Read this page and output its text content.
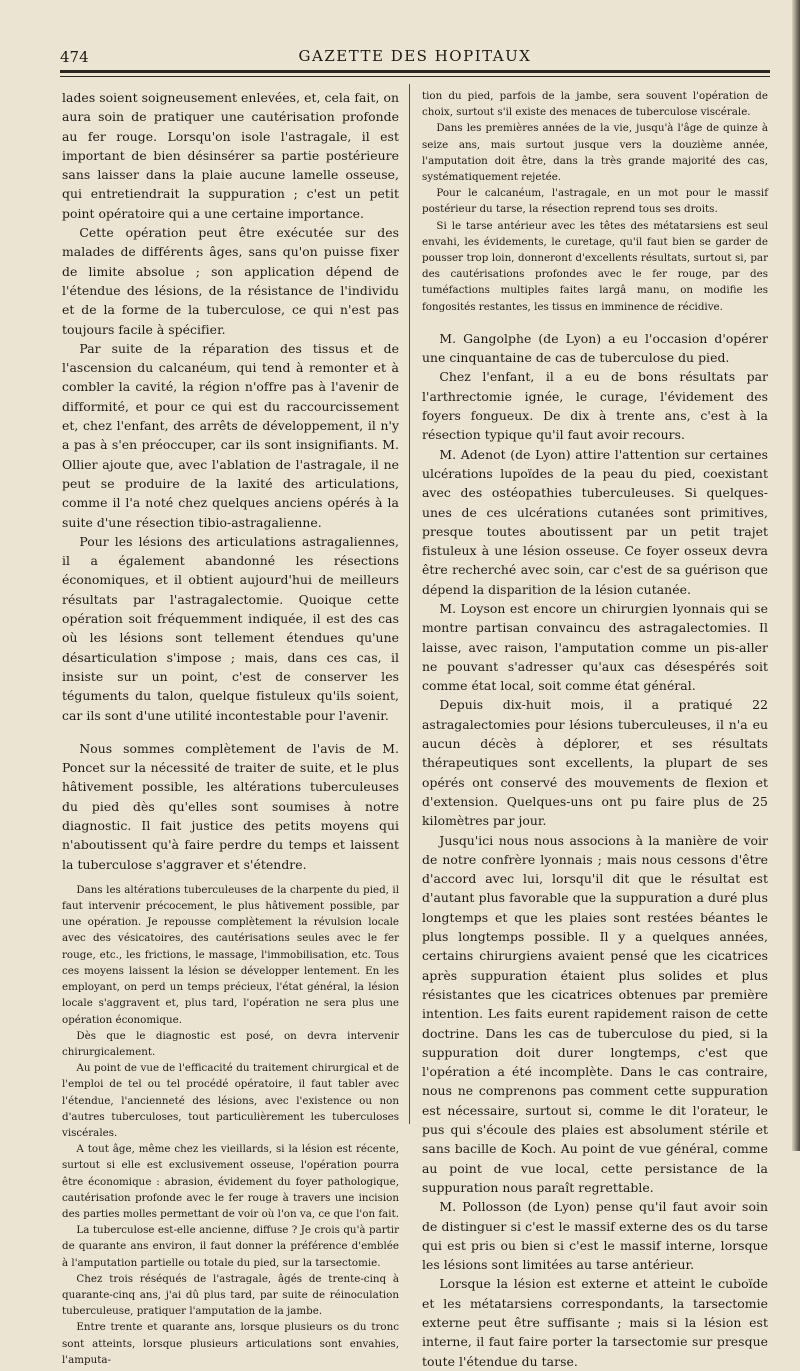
474	GAZETTE DES HOPITAUX

lades soient soigneusement enlevées, et, cela fait, on aura soin de pratiquer une cautérisation profonde au fer rouge. Lorsqu'on isole l'astragale, il est important de bien désinsérer sa partie postérieure sans laisser dans la plaie aucune lamelle osseuse, qui entretiendrait la suppuration ; c'est un petit point opératoire qui a une certaine importance.

Cette opération peut être exécutée sur des malades de différents âges, sans qu'on puisse fixer de limite absolue ; son application dépend de l'étendue des lésions, de la résistance de l'individu et de la forme de la tuberculose, ce qui n'est pas toujours facile à spécifier.

Par suite de la réparation des tissus et de l'ascension du calcanéum, qui tend à remonter et à combler la cavité, la région n'offre pas à l'avenir de difformité, et pour ce qui est du raccourcissement et, chez l'enfant, des arrêts de développement, il n'y a pas à s'en préoccuper, car ils sont insignifiants. M. Ollier ajoute que, avec l'ablation de l'astragale, il ne peut se produire de la laxité des articulations, comme il l'a noté chez quelques anciens opérés à la suite d'une résection tibio-astragalienne.

Pour les lésions des articulations astragaliennes, il a également abandonné les résections économiques, et il obtient aujourd'hui de meilleurs résultats par l'astragalectomie. Quoique cette opération soit fréquemment indiquée, il est des cas où les lésions sont tellement étendues qu'une désarticulation s'impose ; mais, dans ces cas, il insiste sur un point, c'est de conserver les téguments du talon, quelque fistuleux qu'ils soient, car ils sont d'une utilité incontestable pour l'avenir.

Nous sommes complètement de l'avis de M. Poncet sur la nécessité de traiter de suite, et le plus hâtivement possible, les altérations tuberculeuses du pied dès qu'elles sont soumises à notre diagnostic. Il fait justice des petits moyens qui n'aboutissent qu'à faire perdre du temps et laissent la tuberculose s'aggraver et s'étendre.

Dans les altérations tuberculeuses de la charpente du pied, il faut intervenir précocement, le plus hâtivement possible, par une opération. Je repousse complètement la révulsion locale avec des vésicatoires, des cautérisations seules avec le fer rouge, etc., les frictions, le massage, l'immobilisation, etc. Tous ces moyens laissent la lésion se développer lentement. En les employant, on perd un temps précieux, l'état général, la lésion locale s'aggravent et, plus tard, l'opération ne sera plus une opération économique.

Dès que le diagnostic est posé, on devra intervenir chirurgicalement.

Au point de vue de l'efficacité du traitement chirurgical et de l'emploi de tel ou tel procédé opératoire, il faut tabler avec l'étendue, l'ancienneté des lésions, avec l'existence ou non d'autres tuberculoses, tout particulièrement les tuberculoses viscérales.

A tout âge, même chez les vieillards, si la lésion est récente, surtout si elle est exclusivement osseuse, l'opération pourra être économique : abrasion, évidement du foyer pathologique, cautérisation profonde avec le fer rouge à travers une incision des parties molles permettant de voir où l'on va, ce que l'on fait.

La tuberculose est-elle ancienne, diffuse ? Je crois qu'à partir de quarante ans environ, il faut donner la préférence d'emblée à l'amputation partielle ou totale du pied, sur la tarsectomie.

Chez trois réséqués de l'astragale, âgés de trente-cinq à quarante-cinq ans, j'ai dû plus tard, par suite de réinoculation tuberculeuse, pratiquer l'amputation de la jambe.

Entre trente et quarante ans, lorsque plusieurs os du tronc sont atteints, lorsque plusieurs articulations sont envahies, l'amputa-

tion du pied, parfois de la jambe, sera souvent l'opération de choix, surtout s'il existe des menaces de tuberculose viscérale.

Dans les premières années de la vie, jusqu'à l'âge de quinze à seize ans, mais surtout jusque vers la douzième année, l'amputation doit être, dans la très grande majorité des cas, systématiquement rejetée.

Pour le calcanéum, l'astragale, en un mot pour le massif postérieur du tarse, la résection reprend tous ses droits.

Si le tarse antérieur avec les têtes des métatarsiens est seul envahi, les évidements, le curetage, qu'il faut bien se garder de pousser trop loin, donneront d'excellents résultats, surtout si, par des cautérisations profondes avec le fer rouge, par des tuméfactions multiples faites largâ manu, on modifie les fongosités restantes, les tissus en imminence de récidive.

M. Gangolphe (de Lyon) a eu l'occasion d'opérer une cinquantaine de cas de tuberculose du pied.

Chez l'enfant, il a eu de bons résultats par l'arthrectomie ignée, le curage, l'évidement des foyers fongueux. De dix à trente ans, c'est à la résection typique qu'il faut avoir recours.

M. Adenot (de Lyon) attire l'attention sur certaines ulcérations lupoïdes de la peau du pied, coexistant avec des ostéopathies tuberculeuses. Si quelques-unes de ces ulcérations cutanées sont primitives, presque toutes aboutissent par un petit trajet fistuleux à une lésion osseuse. Ce foyer osseux devra être recherché avec soin, car c'est de sa guérison que dépend la disparition de la lésion cutanée.

M. Loyson est encore un chirurgien lyonnais qui se montre partisan convaincu des astragalectomies. Il laisse, avec raison, l'amputation comme un pis-aller ne pouvant s'adresser qu'aux cas désespérés soit comme état local, soit comme état général.

Depuis dix-huit mois, il a pratiqué 22 astragalectomies pour lésions tuberculeuses, il n'a eu aucun décès à déplorer, et ses résultats thérapeutiques sont excellents, la plupart de ses opérés ont conservé des mouvements de flexion et d'extension. Quelques-uns ont pu faire plus de 25 kilomètres par jour.

Jusqu'ici nous nous associons à la manière de voir de notre confrère lyonnais ; mais nous cessons d'être d'accord avec lui, lorsqu'il dit que le résultat est d'autant plus favorable que la suppuration a duré plus longtemps et que les plaies sont restées béantes le plus longtemps possible. Il y a quelques années, certains chirurgiens avaient pensé que les cicatrices après suppuration étaient plus solides et plus résistantes que les cicatrices obtenues par première intention. Les faits eurent rapidement raison de cette doctrine. Dans les cas de tuberculose du pied, si la suppuration doit durer longtemps, c'est que l'opération a été incomplète. Dans le cas contraire, nous ne comprenons pas comment cette suppuration est nécessaire, surtout si, comme le dit l'orateur, le pus qui s'écoule des plaies est absolument stérile et sans bacille de Koch. Au point de vue général, comme au point de vue local, cette persistance de la suppuration nous paraît regrettable.

M. Pollosson (de Lyon) pense qu'il faut avoir soin de distinguer si c'est le massif externe des os du tarse qui est pris ou bien si c'est le massif interne, lorsque les lésions sont limitées au tarse antérieur.

Lorsque la lésion est externe et atteint le cuboïde et les métatarsiens correspondants, la tarsectomie externe peut être suffisante ; mais si la lésion est interne, il faut faire porter la tarsectomie sur presque toute l'étendue du tarse.
